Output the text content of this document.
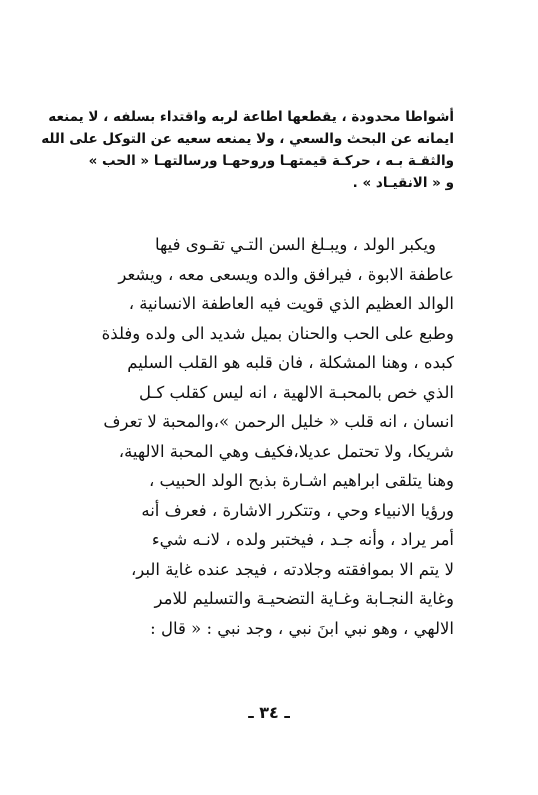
أشواطا محدودة ، يقطعها اطاعة لربه واقتداء بسلفه ، لا يمنعه
ايمانه عن البحث والسعي ، ولا يمنعه سعيه عن التوكل على الله
والثقـة بـه ، حركـة قيمتهـا وروحهـا ورسالتهـا « الحب »
و « الانقيـاد » .
ويكبر الولد ، ويبـلغ السن التـي تقـوى فيها
عاطفة الابوة ، فيرافق والده ويسعى معه ، ويشعر
الوالد العظيم الذي قويت فيه العاطفة الانسانية ،
وطبع على الحب والحنان بميل شديد الى ولده وفلذة
كبده ، وهنا المشكلة ، فان قلبه هو القلب السليم
الذي خص بالمحبـة الالهية ، انه ليس كقلب كـل
انسان ، انه قلب « خليل الرحمن »،والمحبة لا تعرف
شريكا، ولا تحتمل عديلا،فكيف وهي المحبة الالهية،
وهنا يتلقى ابراهيم اشـارة بذبح الولد الحبيب ،
ورؤيا الانبياء وحي ، وتتكرر الاشارة ، فعرف أنه
أمر يراد ، وأنه جـد ، فيختبر ولده ، لانـه شيء
لا يتم الا بموافقته وجلادته ، فيجد عنده غاية البر،
وغاية النجـابة وغـاية التضحيـة والتسليم للامر
الالهي ، وهو نبي ابنَ نبي ، وجد نبي : « قال :
ـ ٣٤ ـ
